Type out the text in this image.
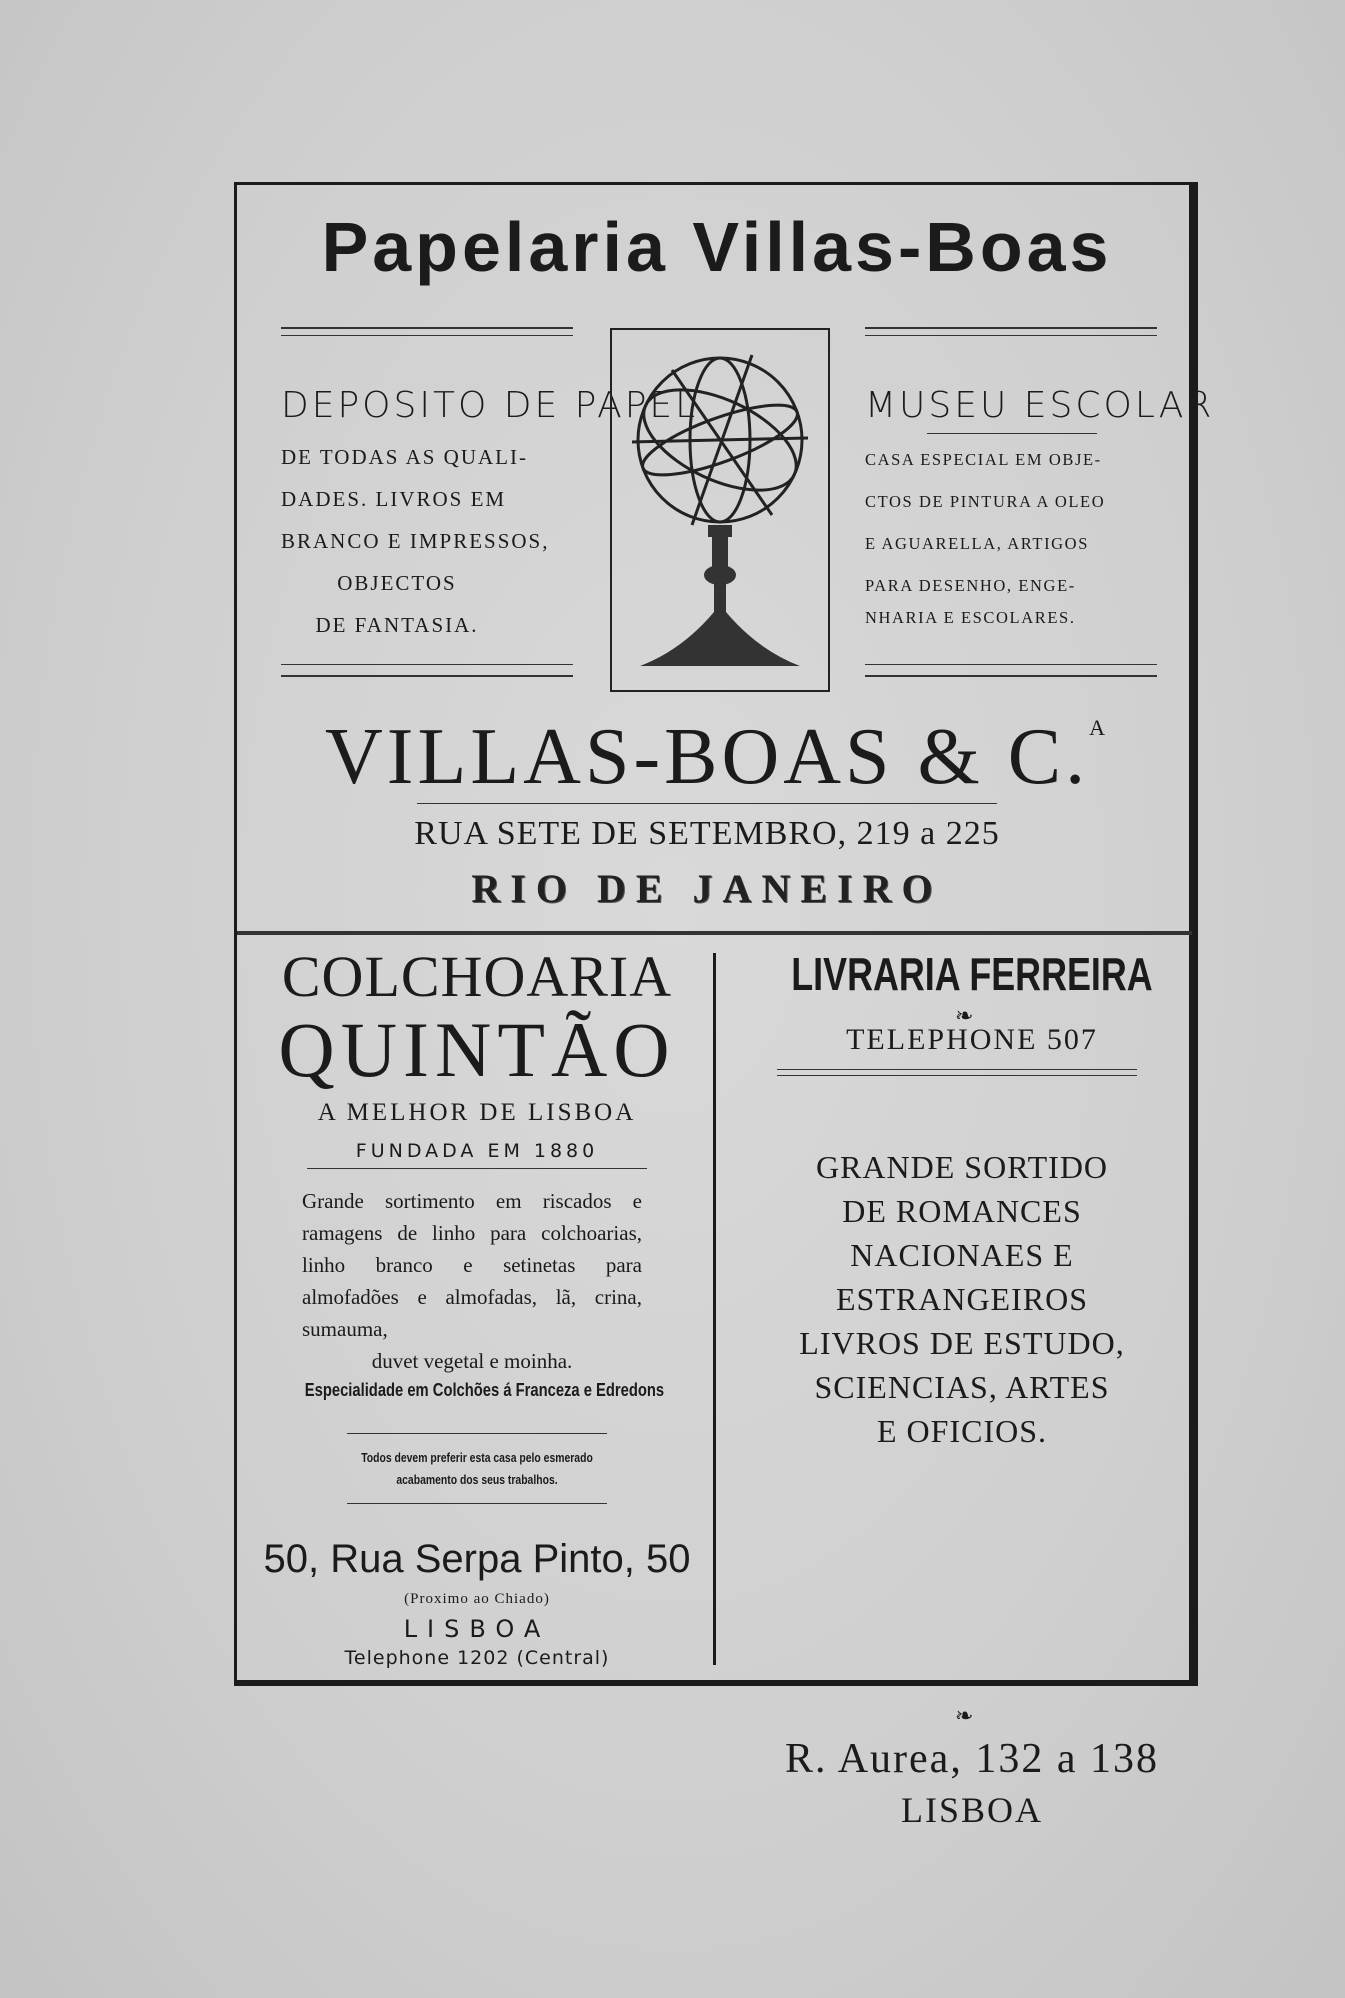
Papelaria Villas-Boas
DEPOSITO DE PAPEL
DE TODAS AS QUALI-
DADES. LIVROS EM
BRANCO E IMPRESSOS,
OBJECTOS
DE FANTASIA.
MUSEU ESCOLAR
CASA ESPECIAL EM OBJE-
CTOS DE PINTURA A OLEO
E AGUARELLA, ARTIGOS
PARA DESENHO, ENGE-
NHARIA E ESCOLARES.
VILLAS-BOAS & C.$^A$
RUA SETE DE SETEMBRO, 219 a 225
RIO DE JANEIRO
COLCHOARIA
QUINTÃO
A MELHOR DE LISBOA
FUNDADA EM 1880
Grande sortimento em riscados e ramagens de linho para colchoarias, linho branco e setinetas para almofadões e almofadas, lã, crina, sumauma,
duvet vegetal e moinha.
Especialidade em Colchões á Franceza e Edredons
Todos devem preferir esta casa pelo esmerado
acabamento dos seus trabalhos.
50, Rua Serpa Pinto, 50
(Proximo ao Chiado)
LISBOA
Telephone 1202 (Central)
LIVRARIA FERREIRA
❧
TELEPHONE 507
GRANDE SORTIDO
DE ROMANCES
NACIONAES E
ESTRANGEIROS
LIVROS DE ESTUDO,
SCIENCIAS, ARTES
E OFICIOS.
❧
R. Aurea, 132 a 138
LISBOA
